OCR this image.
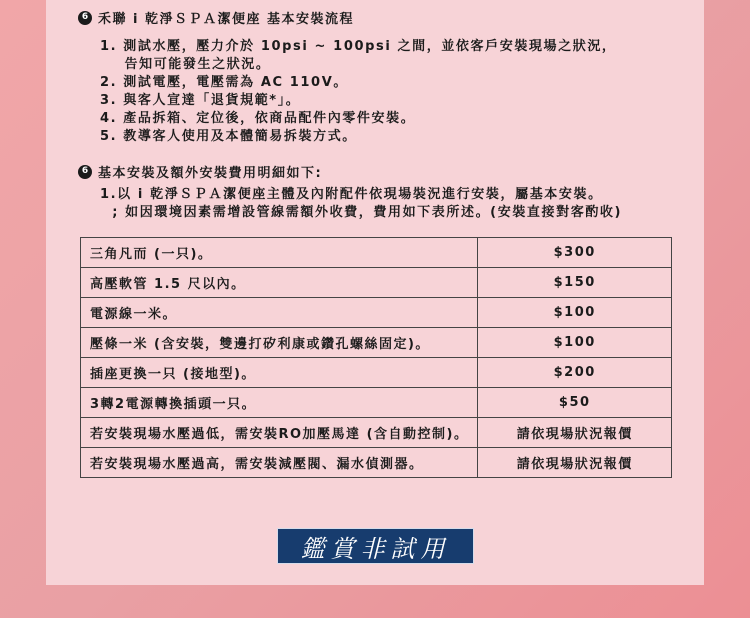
6 禾聯 i 乾淨ＳＰＡ潔便座 基本安裝流程
1. 測試水壓，壓力介於 10psi ~ 100psi 之間，並依客戶安裝現場之狀況，
告知可能發生之狀況。
2. 測試電壓，電壓需為 AC 110V。
3. 與客人宣達「退貨規範*」。
4. 產品拆箱、定位後，依商品配件內零件安裝。
5. 教導客人使用及本體簡易拆裝方式。
6 基本安裝及額外安裝費用明細如下:
1.以 i 乾淨ＳＰＡ潔便座主體及內附配件依現場裝況進行安裝，屬基本安裝。
; 如因環境因素需增設管線需額外收費，費用如下表所述。(安裝直接對客酌收)
三角凡而 (一只)。	$300
高壓軟管 1.5 尺以內。	$150
電源線一米。	$100
壓條一米 (含安裝，雙邊打矽利康或鑽孔螺絲固定)。	$100
插座更換一只 (接地型)。	$200
3轉2電源轉換插頭一只。	$50
若安裝現場水壓過低，需安裝RO加壓馬達 (含自動控制)。	請依現場狀況報價
若安裝現場水壓過高，需安裝減壓閥、漏水偵測器。	請依現場狀況報價
鑑賞非試用
